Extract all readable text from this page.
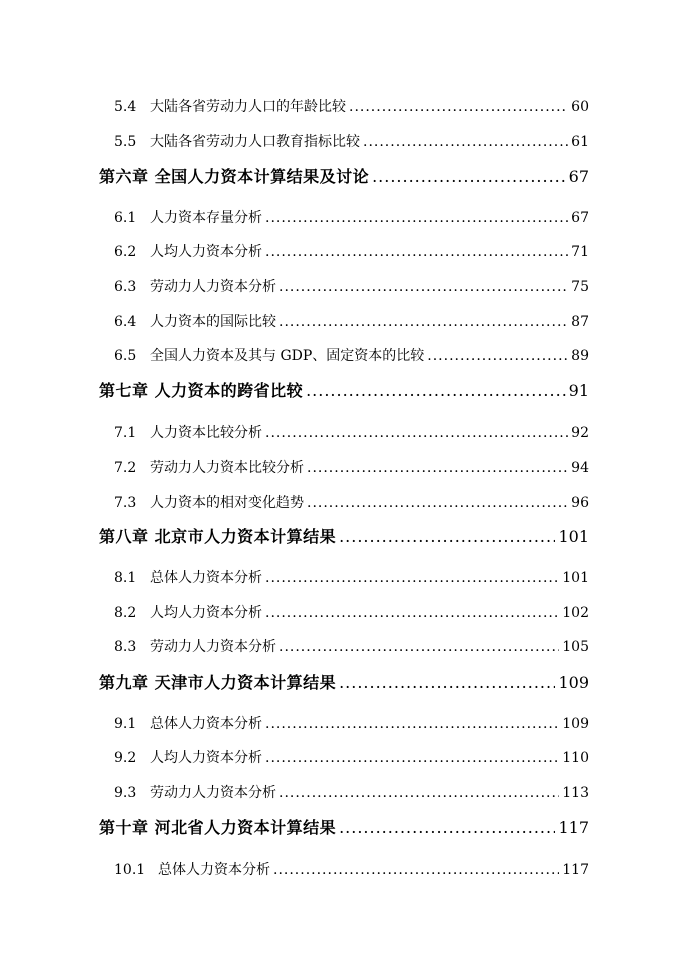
5.4 大陆各省劳动力人口的年龄比较 .....	60
5.5 大陆各省劳动力人口教育指标比较 .....	61
第六章 全国人力资本计算结果及讨论 .....	67
6.1 人力资本存量分析 .....	67
6.2 人均人力资本分析 .....	71
6.3 劳动力人力资本分析 .....	75
6.4 人力资本的国际比较 .....	87
6.5 全国人力资本及其与 GDP、固定资本的比较 .....	89
第七章 人力资本的跨省比较 .....	91
7.1 人力资本比较分析 .....	92
7.2 劳动力人力资本比较分析 .....	94
7.3 人力资本的相对变化趋势 .....	96
第八章 北京市人力资本计算结果 .....	101
8.1 总体人力资本分析 .....	101
8.2 人均人力资本分析 .....	102
8.3 劳动力人力资本分析 .....	105
第九章 天津市人力资本计算结果 .....	109
9.1 总体人力资本分析 .....	109
9.2 人均人力资本分析 .....	110
9.3 劳动力人力资本分析 .....	113
第十章 河北省人力资本计算结果 .....	117
10.1 总体人力资本分析 .....	117
